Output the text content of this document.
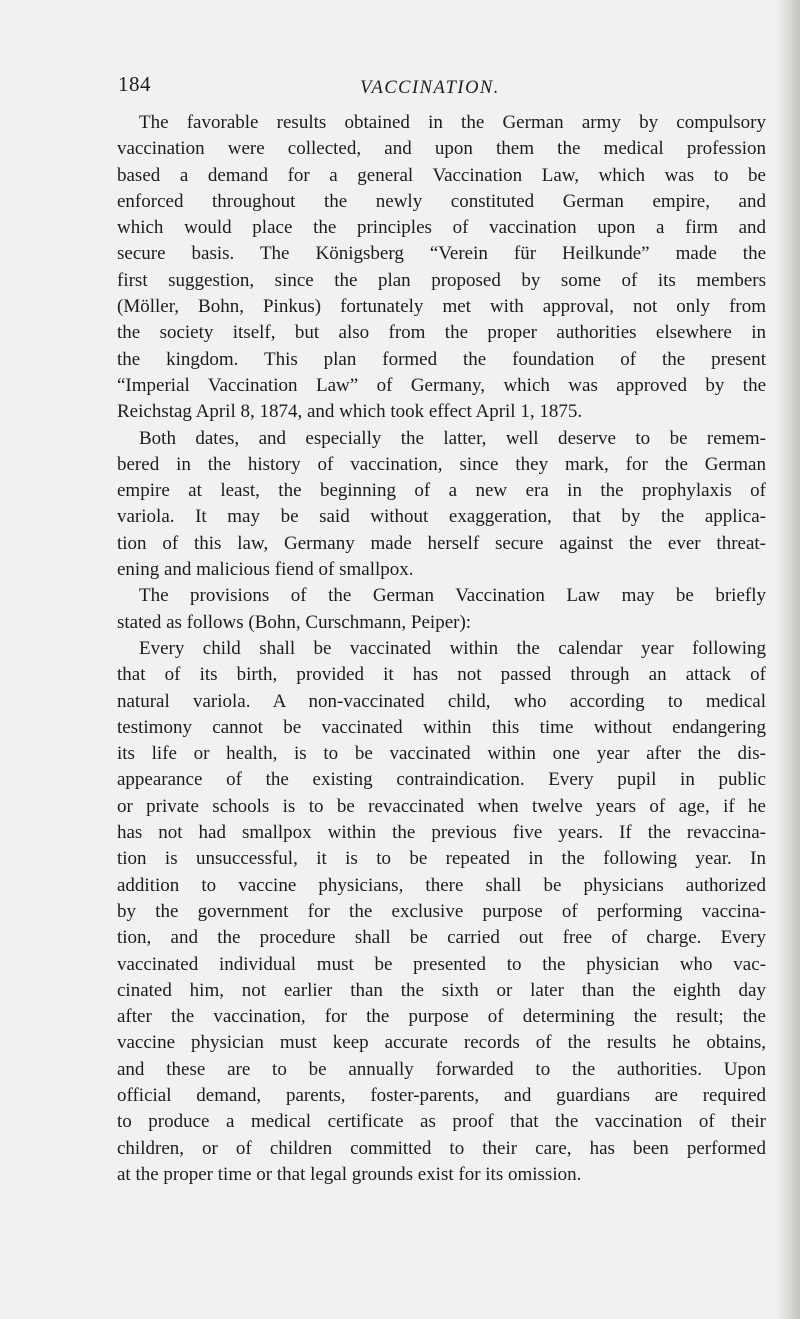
184	VACCINATION.
The favorable results obtained in the German army by compulsory
vaccination were collected, and upon them the medical profession
based a demand for a general Vaccination Law, which was to be
enforced throughout the newly constituted German empire, and
which would place the principles of vaccination upon a firm and
secure basis. The Königsberg “Verein für Heilkunde” made the
first suggestion, since the plan proposed by some of its members
(Möller, Bohn, Pinkus) fortunately met with approval, not only from
the society itself, but also from the proper authorities elsewhere in
the kingdom. This plan formed the foundation of the present
“Imperial Vaccination Law” of Germany, which was approved by the
Reichstag April 8, 1874, and which took effect April 1, 1875.
Both dates, and especially the latter, well deserve to be remem-
bered in the history of vaccination, since they mark, for the German
empire at least, the beginning of a new era in the prophylaxis of
variola. It may be said without exaggeration, that by the applica-
tion of this law, Germany made herself secure against the ever threat-
ening and malicious fiend of smallpox.
The provisions of the German Vaccination Law may be briefly
stated as follows (Bohn, Curschmann, Peiper):
Every child shall be vaccinated within the calendar year following
that of its birth, provided it has not passed through an attack of
natural variola. A non-vaccinated child, who according to medical
testimony cannot be vaccinated within this time without endangering
its life or health, is to be vaccinated within one year after the dis-
appearance of the existing contraindication. Every pupil in public
or private schools is to be revaccinated when twelve years of age, if he
has not had smallpox within the previous five years. If the revaccina-
tion is unsuccessful, it is to be repeated in the following year. In
addition to vaccine physicians, there shall be physicians authorized
by the government for the exclusive purpose of performing vaccina-
tion, and the procedure shall be carried out free of charge. Every
vaccinated individual must be presented to the physician who vac-
cinated him, not earlier than the sixth or later than the eighth day
after the vaccination, for the purpose of determining the result; the
vaccine physician must keep accurate records of the results he obtains,
and these are to be annually forwarded to the authorities. Upon
official demand, parents, foster-parents, and guardians are required
to produce a medical certificate as proof that the vaccination of their
children, or of children committed to their care, has been performed
at the proper time or that legal grounds exist for its omission.
